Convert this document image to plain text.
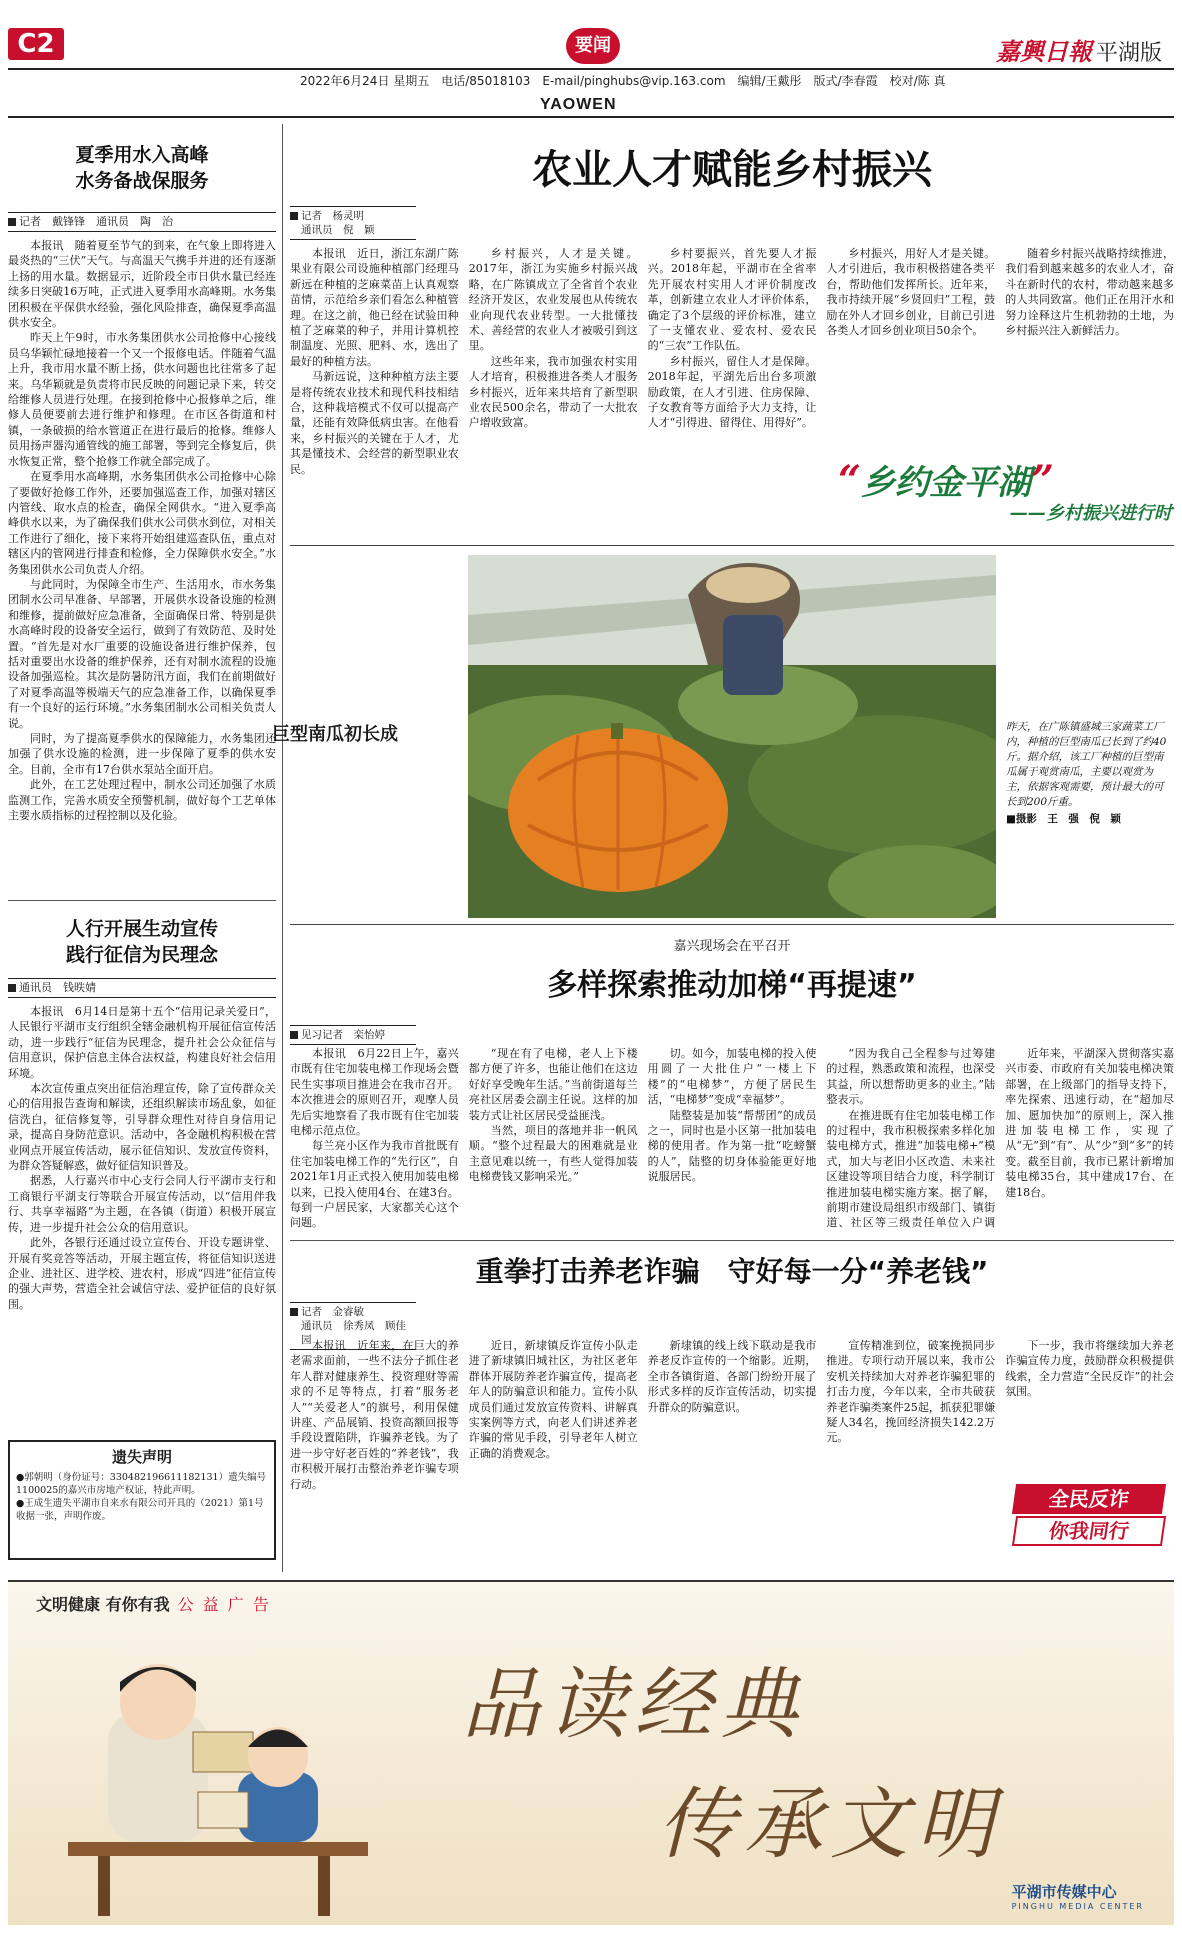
C2	要闻	嘉興日報 平湖版
2022年6月24日 星期五　电话/85018103　E-mail/pinghubs@vip.163.com　编辑/王戴彤　版式/李春霞　校对/陈 真
YAOWEN
夏季用水入高峰
水务备战保服务
记者　戴锋锋　通讯员　陶　治

本报讯　随着夏至节气的到来，在气象上即将进入最炎热的“三伏”天气。与高温天气携手并进的还有逐渐上扬的用水量。数据显示，近阶段全市日供水量已经连续多日突破16万吨，正式进入夏季用水高峰期。水务集团积极在平保供水经验，强化风险排查，确保夏季高温供水安全。

昨天上午9时，市水务集团供水公司抢修中心接线员乌华颖忙碌地接着一个又一个报修电话。伴随着气温上升，我市用水量不断上扬，供水问题也比往常多了起来。乌华颖就是负责将市民反映的问题记录下来，转交给维修人员进行处理。在接到抢修中心报修单之后，维修人员便要前去进行维护和修理。在市区各街道和村镇，一条破损的给水管道正在进行最后的抢修。维修人员用扬声器沟通管线的施工部署，等到完全修复后，供水恢复正常，整个抢修工作就全部完成了。

在夏季用水高峰期，水务集团供水公司抢修中心除了要做好抢修工作外，还要加强巡查工作，加强对辖区内管线、取水点的检查，确保全网供水。“进入夏季高峰供水以来，为了确保我们供水公司供水到位，对相关工作进行了细化，接下来将开始组建巡查队伍，重点对辖区内的管网进行排查和检修，全力保障供水安全。”水务集团供水公司负责人介绍。

与此同时，为保障全市生产、生活用水，市水务集团制水公司早准备、早部署，开展供水设备设施的检测和维修，提前做好应急准备，全面确保日常、特别是供水高峰时段的设备安全运行，做到了有效防范、及时处置。“首先是对水厂重要的设施设备进行维护保养，包括对重要出水设备的维护保养，还有对制水流程的设施设备加强巡检。其次是防暑防汛方面，我们在前期做好了对夏季高温等极端天气的应急准备工作，以确保夏季有一个良好的运行环境。”水务集团制水公司相关负责人说。

同时，为了提高夏季供水的保障能力，水务集团还加强了供水设施的检测，进一步保障了夏季的供水安全。目前，全市有17台供水泵站全面开启。

此外，在工艺处理过程中，制水公司还加强了水质监测工作，完善水质安全预警机制，做好每个工艺单体主要水质指标的过程控制以及化验。

人行开展生动宣传
践行征信为民理念
通讯员　钱昳婧

本报讯　6月14日是第十五个“信用记录关爱日”，人民银行平湖市支行组织全辖金融机构开展征信宣传活动，进一步践行“征信为民理念，提升社会公众征信与信用意识，保护信息主体合法权益，构建良好社会信用环境。

本次宣传重点突出征信治理宣传，除了宣传群众关心的信用报告查询和解读，还组织解读市场乱象，如征信洗白，征信修复等，引导群众理性对待自身信用记录，提高自身防范意识。活动中，各金融机构积极在营业网点开展宣传活动，展示征信知识、发放宣传资料，为群众答疑解惑，做好征信知识普及。

据悉，人行嘉兴市中心支行会同人行平湖市支行和工商银行平湖支行等联合开展宣传活动，以“信用伴我行、共享幸福路”为主题，在各镇（街道）积极开展宣传，进一步提升社会公众的信用意识。

此外，各银行还通过设立宣传台、开设专题讲堂、开展有奖竞答等活动，开展主题宣传，将征信知识送进企业、进社区、进学校、进农村，形成“四进”征信宣传的强大声势，营造全社会诚信守法、爱护征信的良好氛围。

遗失声明

●郭朝明（身份证号：330482196611182131）遗失编号1100025的嘉兴市房地产权证，特此声明。

●王成生遗失平湖市自来水有限公司开具的（2021）第1号收据一张，声明作废。

农业人才赋能乡村振兴
记者　杨灵明
通讯员　倪　颖

本报讯　近日，浙江东湖广陈果业有限公司设施种植部门经理马新远在种植的芝麻菜苗上认真观察苗情，示范给乡亲们看怎么种植管理。在这之前，他已经在试验田种植了芝麻菜的种子，并用计算机控制温度、光照、肥料、水，选出了最好的种植方法。

马新远说，这种种植方法主要是将传统农业技术和现代科技相结合，这种栽培模式不仅可以提高产量，还能有效降低病虫害。在他看来，乡村振兴的关键在于人才，尤其是懂技术、会经营的新型职业农民。

乡村振兴，人才是关键。2017年，浙江为实施乡村振兴战略，在广陈镇成立了全省首个农业经济开发区，农业发展也从传统农业向现代农业转型。一大批懂技术、善经营的农业人才被吸引到这里。

这些年来，我市加强农村实用人才培育，积极推进各类人才服务乡村振兴，近年来共培育了新型职业农民500余名，带动了一大批农户增收致富。

乡村要振兴，首先要人才振兴。2018年起，平湖市在全省率先开展农村实用人才评价制度改革，创新建立农业人才评价体系，确定了3个层级的评价标准，建立了一支懂农业、爱农村、爱农民的“三农”工作队伍。

乡村振兴，留住人才是保障。2018年起，平湖先后出台多项激励政策，在人才引进、住房保障、子女教育等方面给予大力支持，让人才“引得进、留得住、用得好”。

乡村振兴，用好人才是关键。人才引进后，我市积极搭建各类平台，帮助他们发挥所长。近年来，我市持续开展“乡贤回归”工程，鼓励在外人才回乡创业，目前已引进各类人才回乡创业项目50余个。

随着乡村振兴战略持续推进，我们看到越来越多的农业人才，奋斗在新时代的农村，带动越来越多的人共同致富。他们正在用汗水和努力诠释这片生机勃勃的土地，为乡村振兴注入新鲜活力。

“乡约金平湖”
——乡村振兴进行时
巨型南瓜初长成	昨天，在广陈镇盛城三家蔬菜工厂内，种植的巨型南瓜已长到了约40斤。据介绍，该工厂种植的巨型南瓜属于观赏南瓜，主要以观赏为主，依据客观需要，预计最大的可长到200斤重。
■摄影　王　强　倪　颖
嘉兴现场会在平召开
多样探索推动加梯“再提速”
见习记者　栾怡婷

本报讯　6月22日上午，嘉兴市既有住宅加装电梯工作现场会暨民生实事项目推进会在我市召开。本次推进会的原则召开，观摩人员先后实地察看了我市既有住宅加装电梯示范点位。

每兰亮小区作为我市首批既有住宅加装电梯工作的“先行区”，自2021年1月正式投入使用加装电梯以来，已投入使用4台、在建3台。每到一户居民家，大家都关心这个问题。

“现在有了电梯，老人上下楼都方便了许多，也能让他们在这边好好享受晚年生活。”当前街道每兰亮社区居委会副主任说。这样的加装方式让社区居民受益匪浅。

当然，项目的落地并非一帆风顺。“整个过程最大的困难就是业主意见难以统一，有些人觉得加装电梯费钱又影响采光。”

切。如今，加装电梯的投入使用圆了一大批住户“一楼上下楼”的“电梯梦”，方便了居民生活，“电梯梦”变成“幸福梦”。

陆整装是加装“帮帮团”的成员之一，同时也是小区第一批加装电梯的使用者。作为第一批“吃螃蟹的人”，陆整的切身体验能更好地说服居民。

“因为我自己全程参与过筹建的过程，熟悉政策和流程，也深受其益，所以想帮助更多的业主。”陆整表示。

在推进既有住宅加装电梯工作的过程中，我市积极探索多样化加装电梯方式，推进“加装电梯+”模式，加大与老旧小区改造、未来社区建设等项目结合力度，科学制订推进加装电梯实施方案。据了解，前期市建设局组织市级部门、镇街道、社区等三级责任单位入户调

近年来，平湖深入贯彻落实嘉兴市委、市政府有关加装电梯决策部署，在上级部门的指导支持下，率先探索、迅速行动，在“超加尽加、愿加快加”的原则上，深入推进加装电梯工作，实现了从“无”到“有”、从“少”到“多”的转变。截至目前，我市已累计新增加装电梯35台，其中建成17台、在建18台。

重拳打击养老诈骗　守好每一分“养老钱”
记者　金睿敏
通讯员　徐秀凤　顾佳园 本报讯　近年来，在巨大的养老需求面前，一些不法分子抓住老年人群对健康养生、投资理财等需求的不足等特点，打着“服务老人”“关爱老人”的旗号，利用保健讲座、产品展销、投资高额回报等手段设置陷阱，诈骗养老钱。为了进一步守好老百姓的“养老钱”，我市积极开展打击整治养老诈骗专项行动。

近日，新埭镇反诈宣传小队走进了新埭镇旧城社区，为社区老年群体开展防养老诈骗宣传，提高老年人的防骗意识和能力。宣传小队成员们通过发放宣传资料、讲解真实案例等方式，向老人们讲述养老诈骗的常见手段，引导老年人树立正确的消费观念。

新埭镇的线上线下联动是我市养老反诈宣传的一个缩影。近期，全市各镇街道、各部门纷纷开展了形式多样的反诈宣传活动，切实提升群众的防骗意识。

宣传精准到位，破案挽损同步推进。专项行动开展以来，我市公安机关持续加大对养老诈骗犯罪的打击力度，今年以来，全市共破获养老诈骗类案件25起，抓获犯罪嫌疑人34名，挽回经济损失142.2万元。

下一步，我市将继续加大养老诈骗宣传力度，鼓励群众积极提供线索，全力营造“全民反诈”的社会氛围。

全民反诈
你我同行
文明健康 有你有我 公 益 广 告
品读经典
传承文明
平湖市传媒中心
PINGHU MEDIA CENTER
